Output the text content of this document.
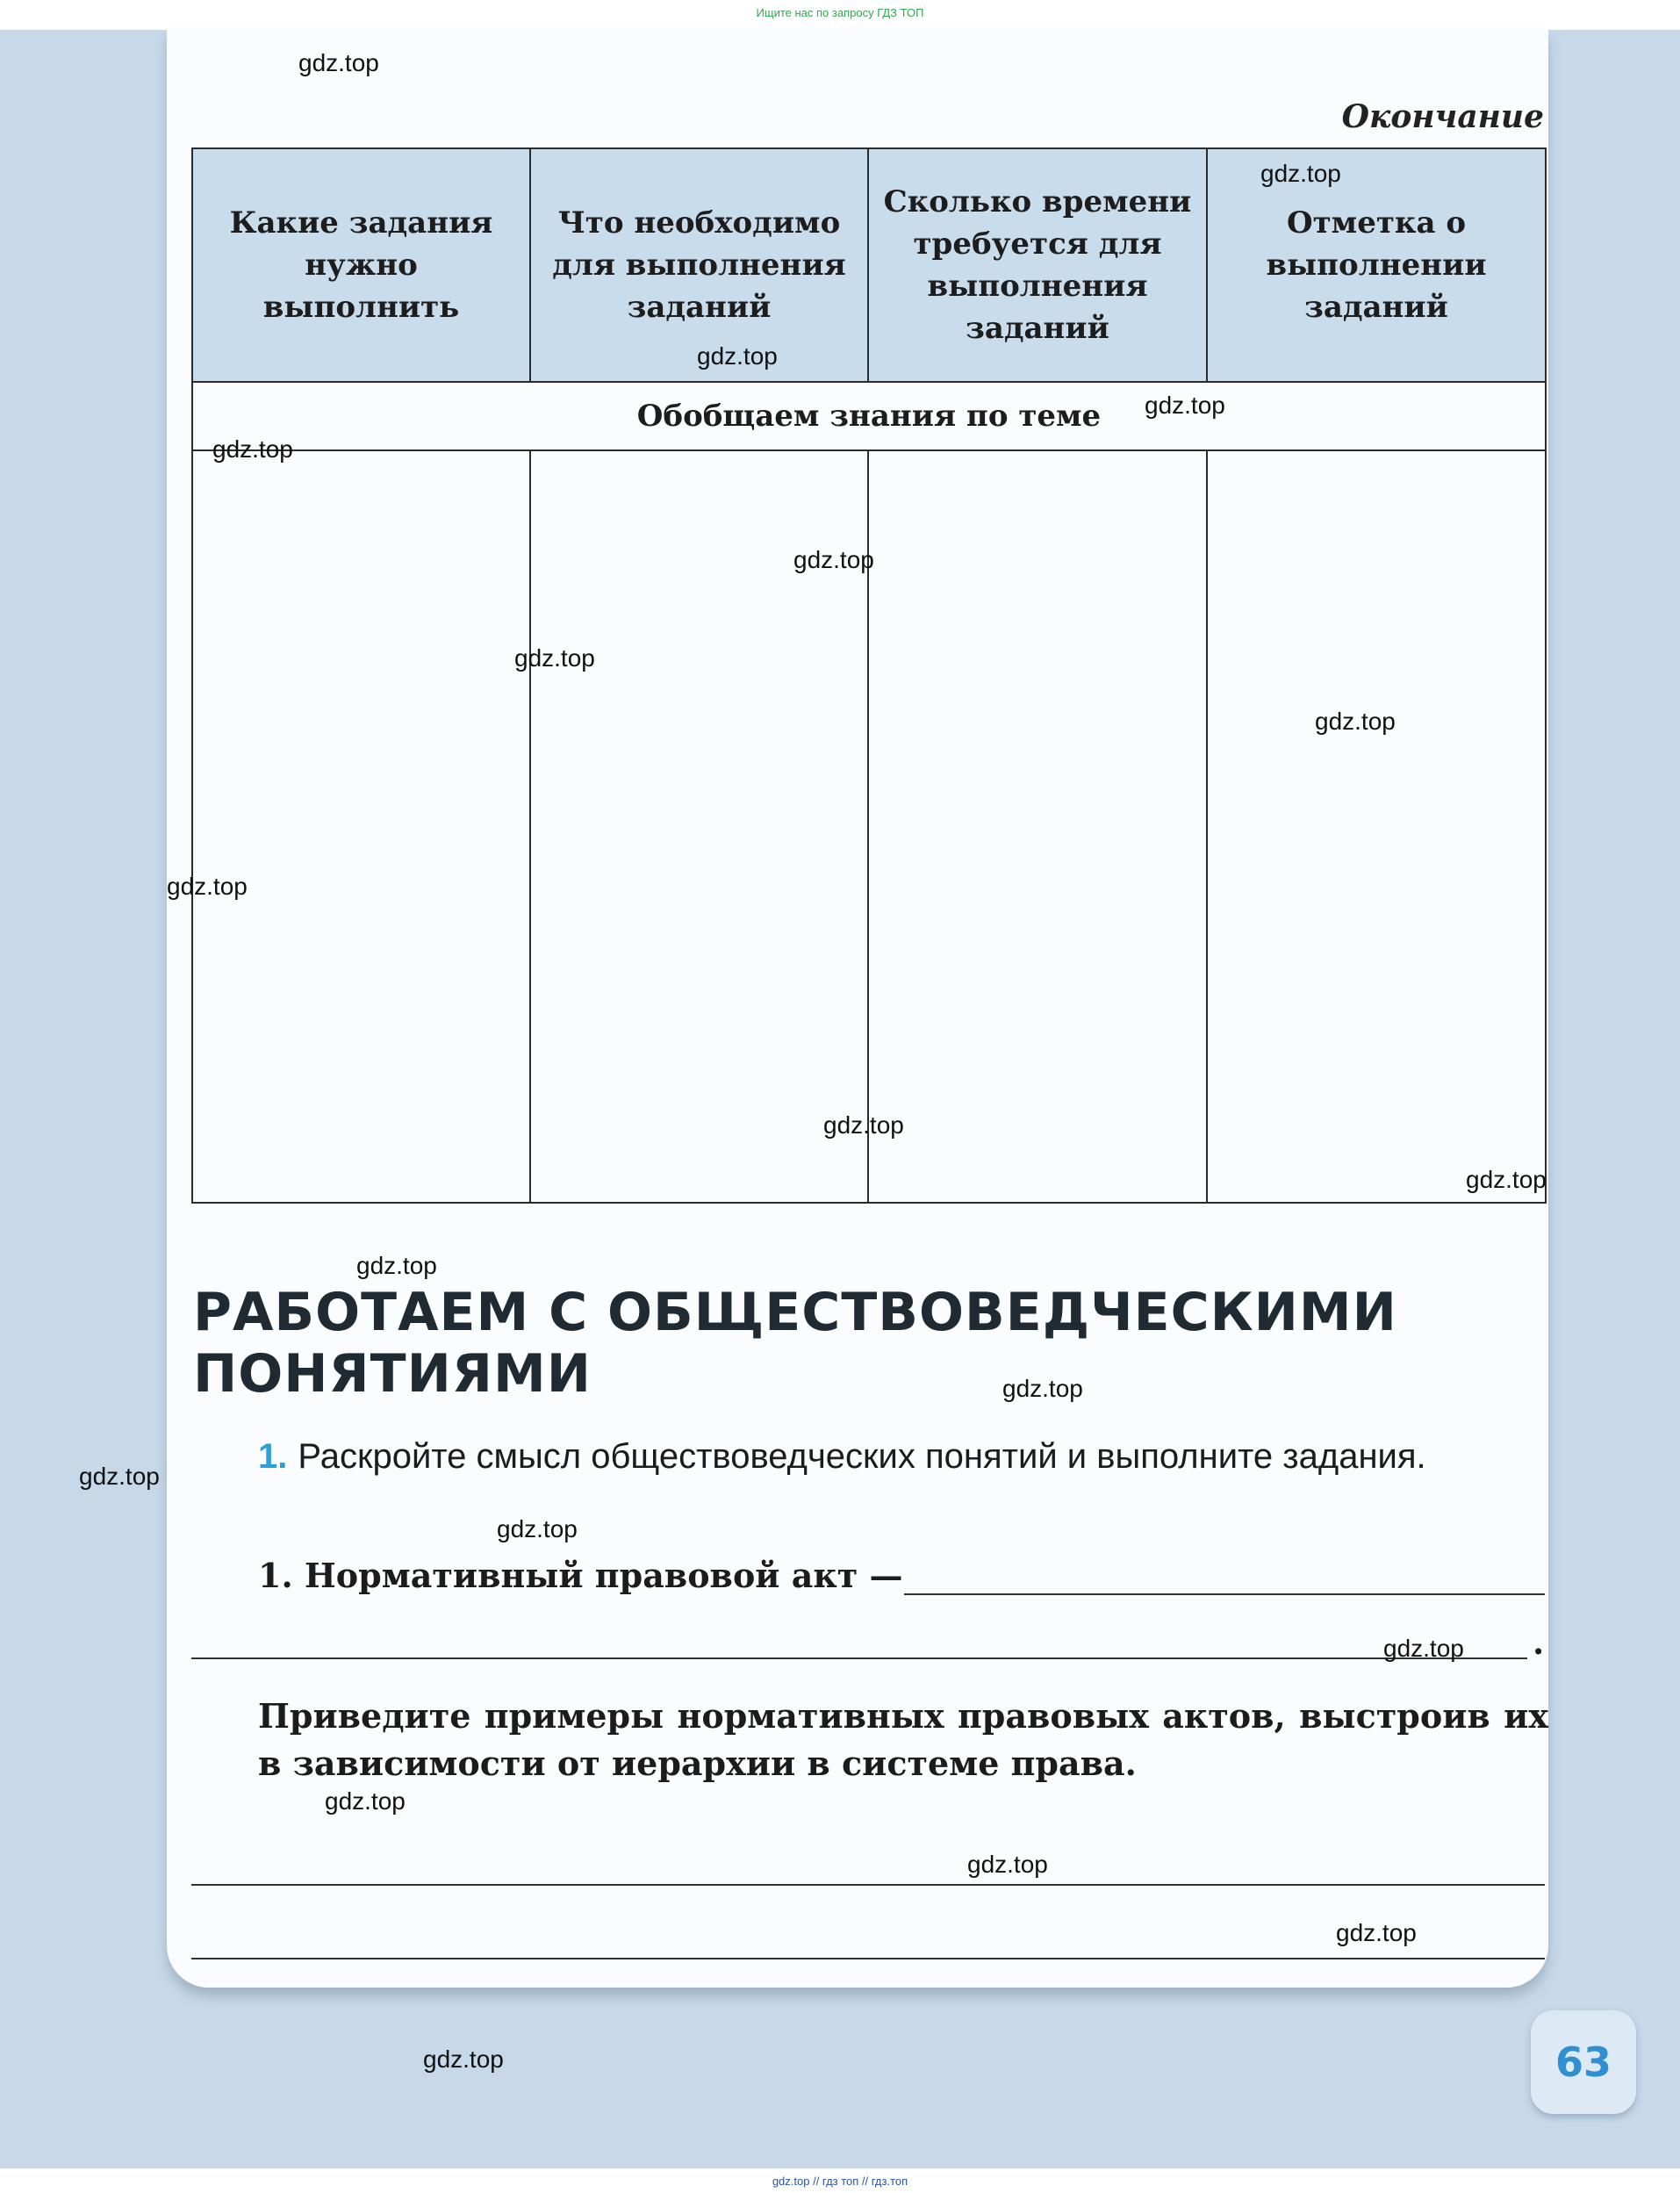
Ищите нас по запросу ГДЗ ТОП
Окончание
Какие задания нужно выполнить	Что необходимо для выполнения заданий	Сколько времени требуется для выполнения заданий	Отметка о выполнении заданий
Обобщаем знания по теме			

РАБОТАЕМ С ОБЩЕСТВОВЕДЧЕСКИМИ ПОНЯТИЯМИ
1. Раскройте смысл обществоведческих понятий и выполните задания.
1. Нормативный правовой акт —
.
Приведите примеры нормативных правовых актов, выстроив их в зависимости от иерархии в системе права.
63
gdz.top
gdz.top
gdz.top
gdz.top
gdz.top
gdz.top
gdz.top
gdz.top
gdz.top
gdz.top
gdz.top
gdz.top
gdz.top
gdz.top
gdz.top
gdz.top
gdz.top
gdz.top
gdz.top
gdz.top
gdz.top // гдз топ // гдз.топ
